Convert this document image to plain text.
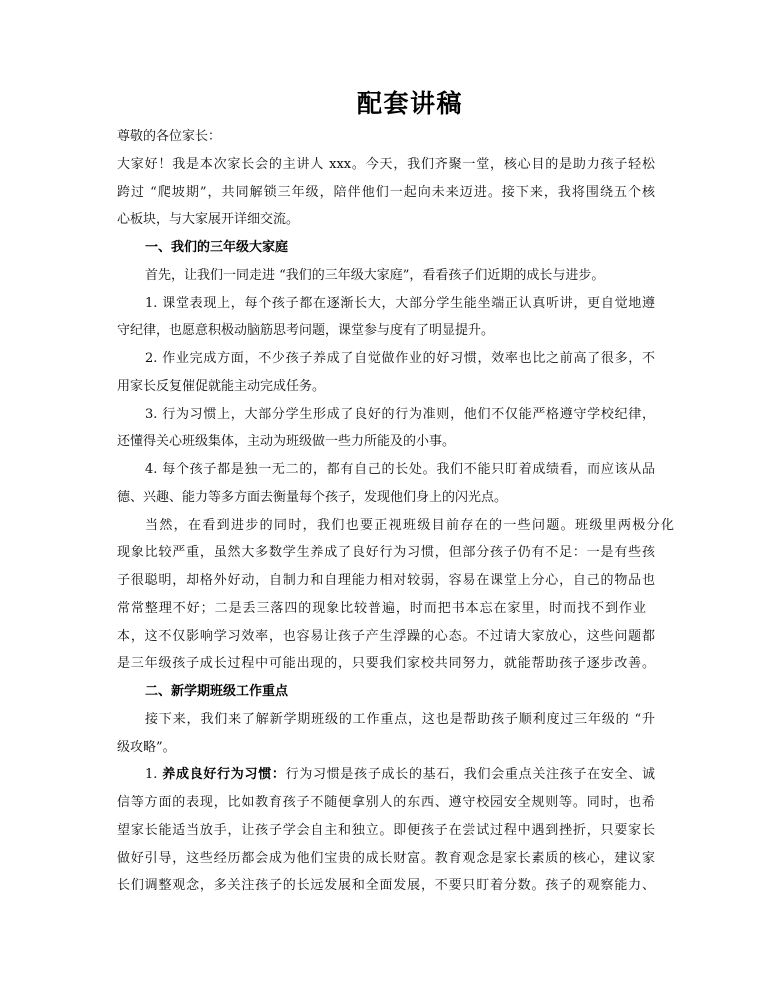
配套讲稿
尊敬的各位家长：
大家好！我是本次家长会的主讲人 xxx。今天，我们齐聚一堂，核心目的是助力孩子轻松
跨过 “爬坡期”，共同解锁三年级，陪伴他们一起向未来迈进。接下来，我将围绕五个核
心板块，与大家展开详细交流。
一、我们的三年级大家庭
首先，让我们一同走进 “我们的三年级大家庭”，看看孩子们近期的成长与进步。
1. 课堂表现上，每个孩子都在逐渐长大，大部分学生能坐端正认真听讲，更自觉地遵
守纪律，也愿意积极动脑筋思考问题，课堂参与度有了明显提升。
2. 作业完成方面，不少孩子养成了自觉做作业的好习惯，效率也比之前高了很多，不
用家长反复催促就能主动完成任务。
3. 行为习惯上，大部分学生形成了良好的行为准则，他们不仅能严格遵守学校纪律，
还懂得关心班级集体，主动为班级做一些力所能及的小事。
4. 每个孩子都是独一无二的，都有自己的长处。我们不能只盯着成绩看，而应该从品
德、兴趣、能力等多方面去衡量每个孩子，发现他们身上的闪光点。
当然，在看到进步的同时，我们也要正视班级目前存在的一些问题。班级里两极分化
现象比较严重，虽然大多数学生养成了良好行为习惯，但部分孩子仍有不足：一是有些孩
子很聪明，却格外好动，自制力和自理能力相对较弱，容易在课堂上分心，自己的物品也
常常整理不好；二是丢三落四的现象比较普遍，时而把书本忘在家里，时而找不到作业
本，这不仅影响学习效率，也容易让孩子产生浮躁的心态。不过请大家放心，这些问题都
是三年级孩子成长过程中可能出现的，只要我们家校共同努力，就能帮助孩子逐步改善。
二、新学期班级工作重点
接下来，我们来了解新学期班级的工作重点，这也是帮助孩子顺利度过三年级的 “升
级攻略”。
1. 养成良好行为习惯：行为习惯是孩子成长的基石，我们会重点关注孩子在安全、诚
信等方面的表现，比如教育孩子不随便拿别人的东西、遵守校园安全规则等。同时，也希
望家长能适当放手，让孩子学会自主和独立。即便孩子在尝试过程中遇到挫折，只要家长
做好引导，这些经历都会成为他们宝贵的成长财富。教育观念是家长素质的核心，建议家
长们调整观念，多关注孩子的长远发展和全面发展，不要只盯着分数。孩子的观察能力、
